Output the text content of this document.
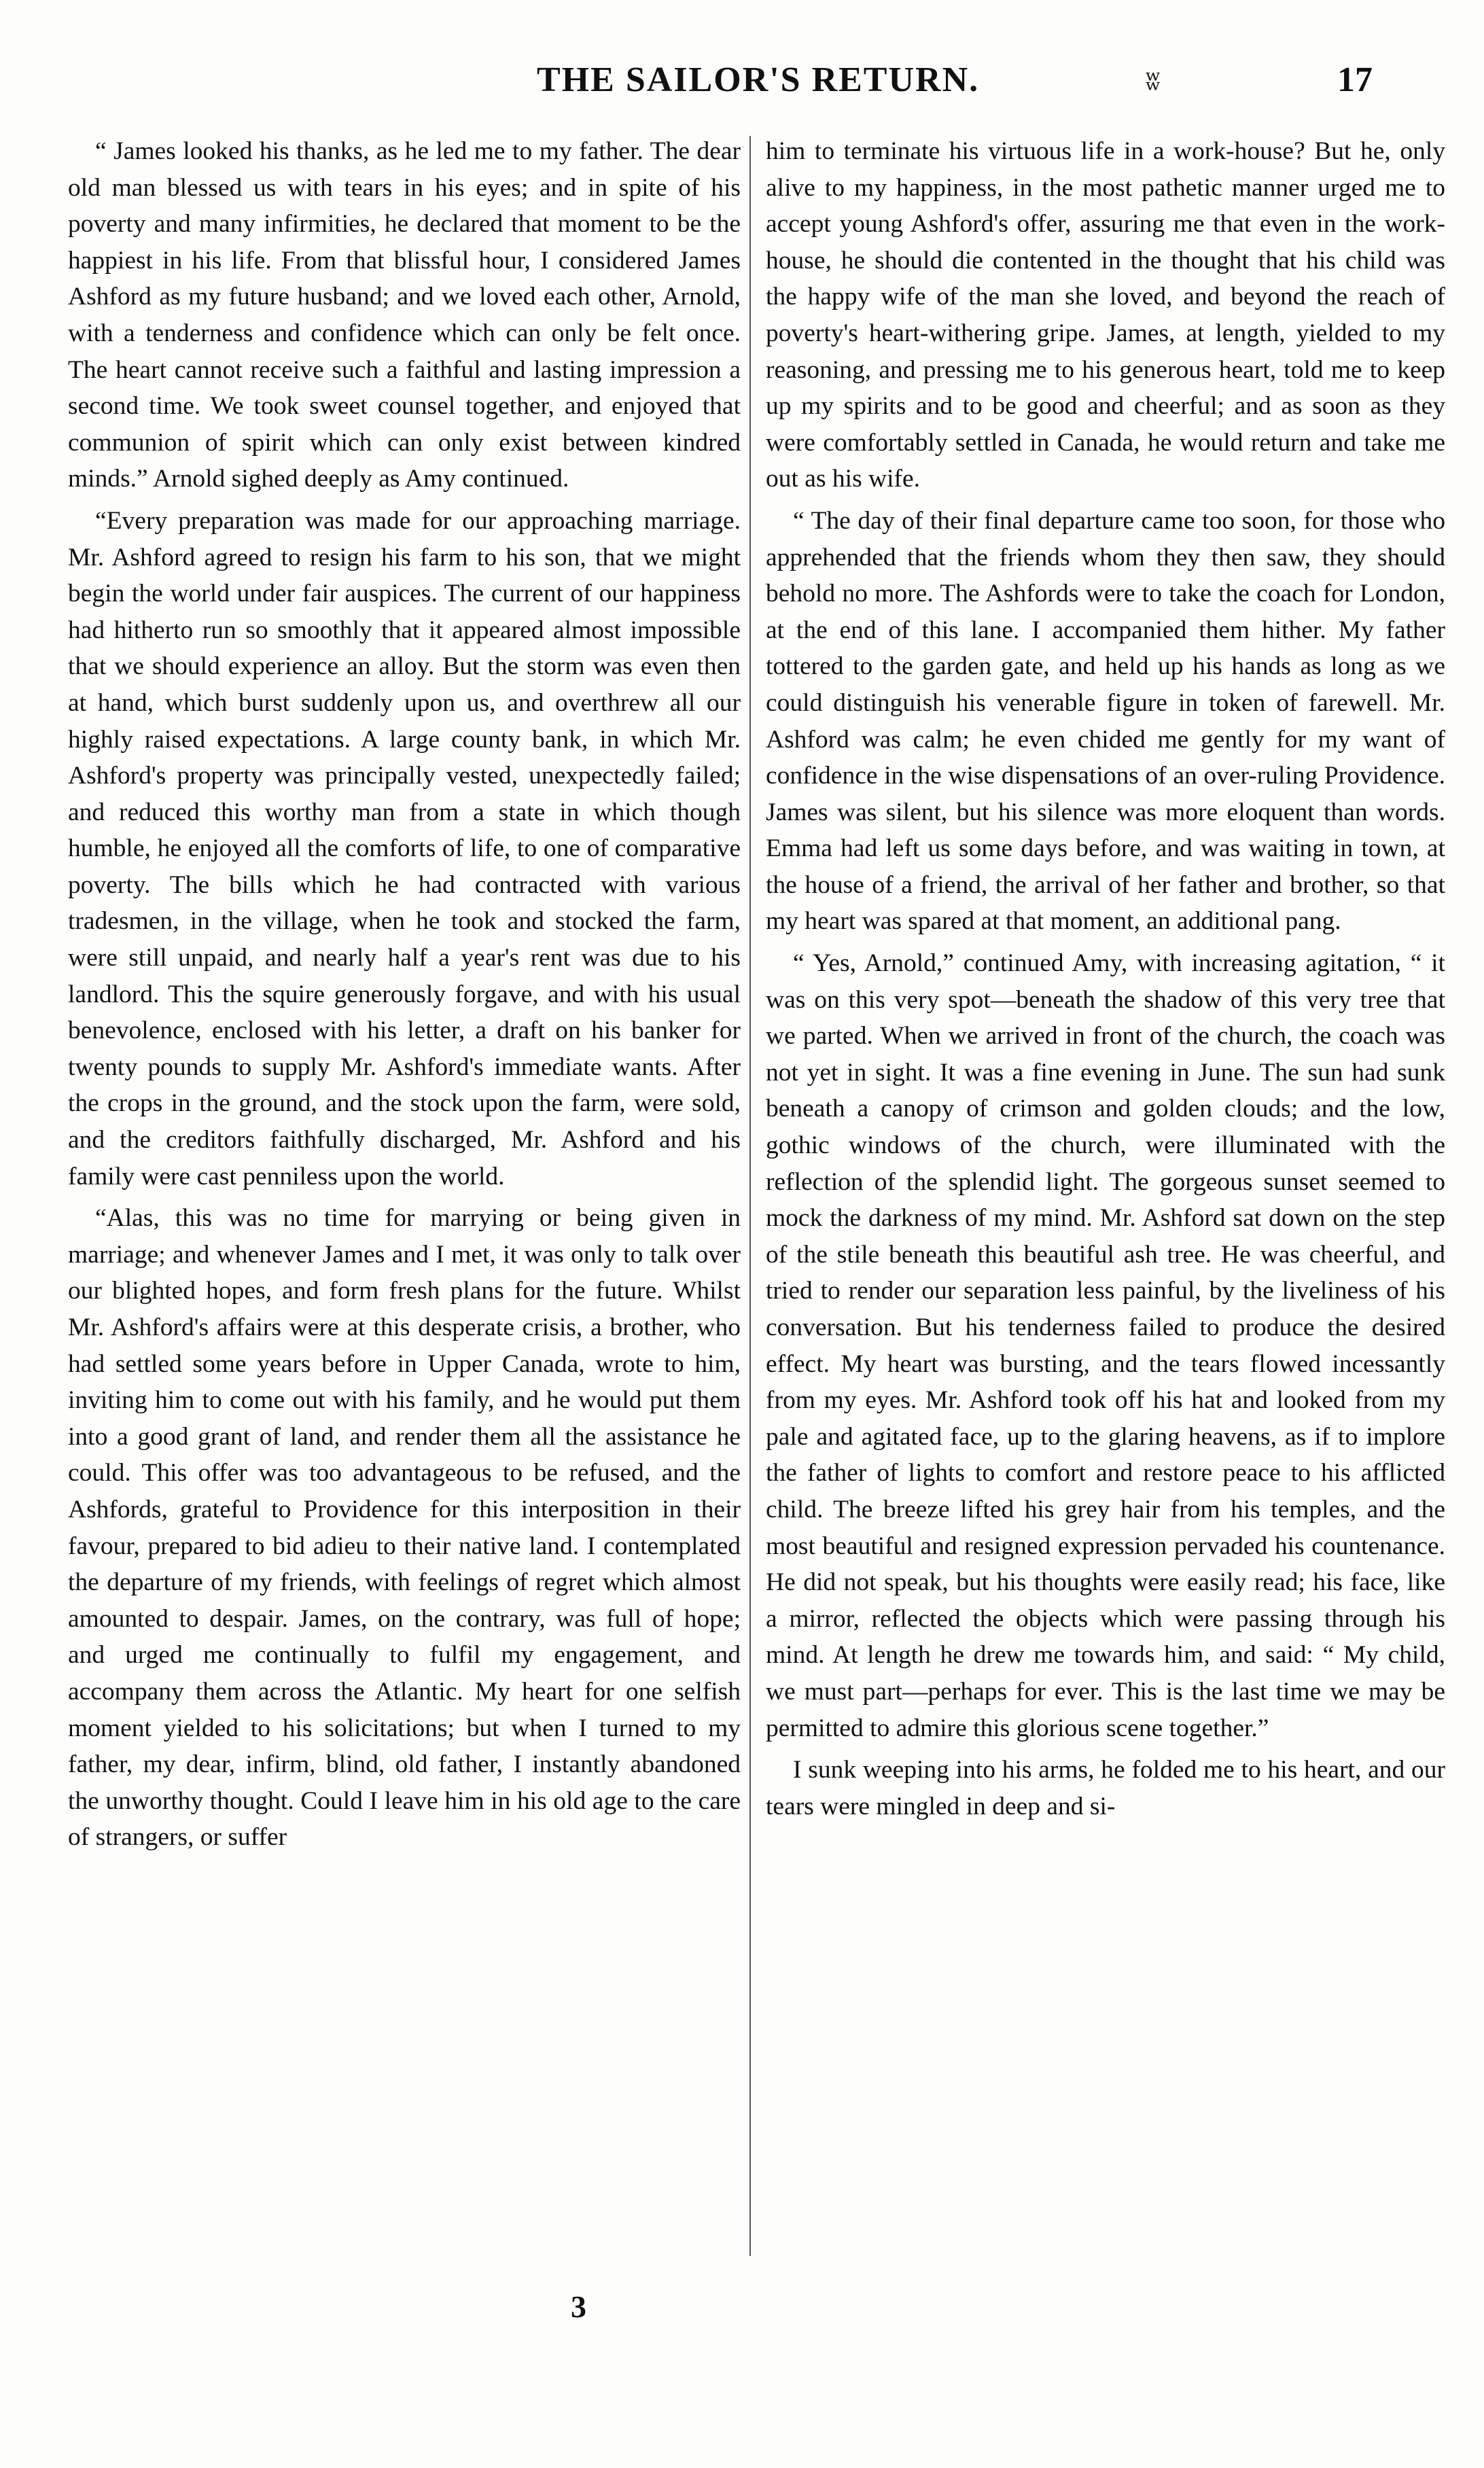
THE SAILOR'S RETURN.	ʬ	17

“ James looked his thanks, as he led me to my father. The dear old man blessed us with tears in his eyes; and in spite of his poverty and many infirmities, he declared that moment to be the happiest in his life. From that blissful hour, I considered James Ashford as my future husband; and we loved each other, Arnold, with a tenderness and confidence which can only be felt once. The heart cannot receive such a faithful and lasting impression a second time. We took sweet counsel together, and enjoyed that communion of spirit which can only exist between kindred minds.” Arnold sighed deeply as Amy continued.

“Every preparation was made for our approaching marriage. Mr. Ashford agreed to resign his farm to his son, that we might begin the world under fair auspices. The current of our happiness had hitherto run so smoothly that it appeared almost impossible that we should experience an alloy. But the storm was even then at hand, which burst suddenly upon us, and overthrew all our highly raised expectations. A large county bank, in which Mr. Ashford's property was principally vested, unexpectedly failed; and reduced this worthy man from a state in which though humble, he enjoyed all the comforts of life, to one of comparative poverty. The bills which he had contracted with various tradesmen, in the village, when he took and stocked the farm, were still unpaid, and nearly half a year's rent was due to his landlord. This the squire generously forgave, and with his usual benevolence, enclosed with his letter, a draft on his banker for twenty pounds to supply Mr. Ashford's immediate wants. After the crops in the ground, and the stock upon the farm, were sold, and the creditors faithfully discharged, Mr. Ashford and his family were cast penniless upon the world.

“Alas, this was no time for marrying or being given in marriage; and whenever James and I met, it was only to talk over our blighted hopes, and form fresh plans for the future. Whilst Mr. Ashford's affairs were at this desperate crisis, a brother, who had settled some years before in Upper Canada, wrote to him, inviting him to come out with his family, and he would put them into a good grant of land, and render them all the assistance he could. This offer was too advantageous to be refused, and the Ashfords, grateful to Providence for this interposition in their favour, prepared to bid adieu to their native land. I contemplated the departure of my friends, with feelings of regret which almost amounted to despair. James, on the contrary, was full of hope; and urged me continually to fulfil my engagement, and accompany them across the Atlantic. My heart for one selfish moment yielded to his solicitations; but when I turned to my father, my dear, infirm, blind, old father, I instantly abandoned the unworthy thought. Could I leave him in his old age to the care of strangers, or suffer

him to terminate his virtuous life in a work-house? But he, only alive to my happiness, in the most pathetic manner urged me to accept young Ashford's offer, assuring me that even in the work-house, he should die contented in the thought that his child was the happy wife of the man she loved, and beyond the reach of poverty's heart-withering gripe. James, at length, yielded to my reasoning, and pressing me to his generous heart, told me to keep up my spirits and to be good and cheerful; and as soon as they were comfortably settled in Canada, he would return and take me out as his wife.

“ The day of their final departure came too soon, for those who apprehended that the friends whom they then saw, they should behold no more. The Ashfords were to take the coach for London, at the end of this lane. I accompanied them hither. My father tottered to the garden gate, and held up his hands as long as we could distinguish his venerable figure in token of farewell. Mr. Ashford was calm; he even chided me gently for my want of confidence in the wise dispensations of an over-ruling Providence. James was silent, but his silence was more eloquent than words. Emma had left us some days before, and was waiting in town, at the house of a friend, the arrival of her father and brother, so that my heart was spared at that moment, an additional pang.

“ Yes, Arnold,” continued Amy, with increasing agitation, “ it was on this very spot—beneath the shadow of this very tree that we parted. When we arrived in front of the church, the coach was not yet in sight. It was a fine evening in June. The sun had sunk beneath a canopy of crimson and golden clouds; and the low, gothic windows of the church, were illuminated with the reflection of the splendid light. The gorgeous sunset seemed to mock the darkness of my mind. Mr. Ashford sat down on the step of the stile beneath this beautiful ash tree. He was cheerful, and tried to render our separation less painful, by the liveliness of his conversation. But his tenderness failed to produce the desired effect. My heart was bursting, and the tears flowed incessantly from my eyes. Mr. Ashford took off his hat and looked from my pale and agitated face, up to the glaring heavens, as if to implore the father of lights to comfort and restore peace to his afflicted child. The breeze lifted his grey hair from his temples, and the most beautiful and resigned expression pervaded his countenance. He did not speak, but his thoughts were easily read; his face, like a mirror, reflected the objects which were passing through his mind. At length he drew me towards him, and said: “ My child, we must part—perhaps for ever. This is the last time we may be permitted to admire this glorious scene together.”

I sunk weeping into his arms, he folded me to his heart, and our tears were mingled in deep and si-

3
